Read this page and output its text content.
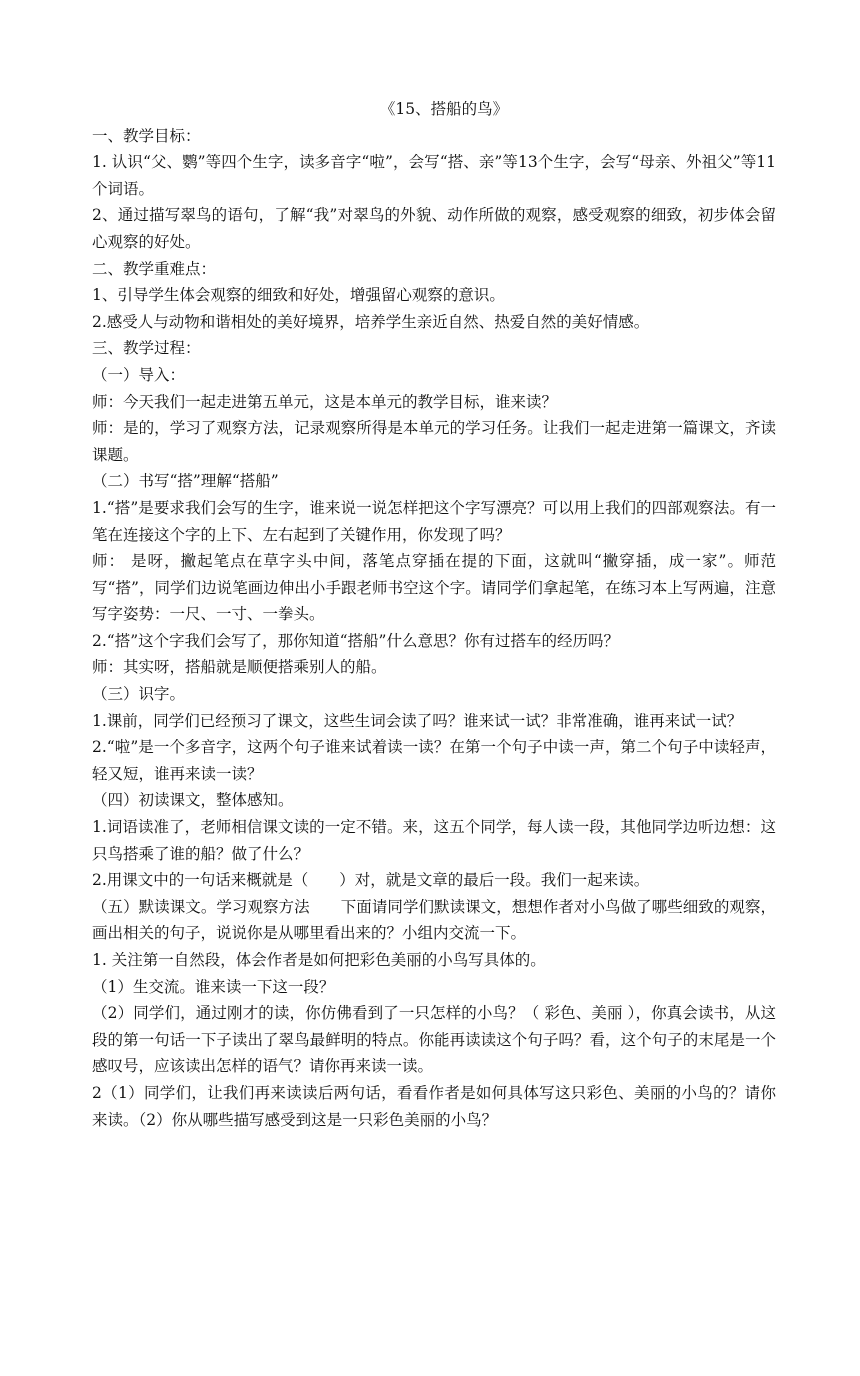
《15、搭船的鸟》

一、教学目标：

1. 认识“父、鹦”等四个生字，读多音字“啦”，会写“搭、亲”等13个生字，会写“母亲、外祖父”等11个词语。

2、通过描写翠鸟的语句，了解“我”对翠鸟的外貌、动作所做的观察，感受观察的细致，初步体会留心观察的好处。

二、教学重难点：

1、引导学生体会观察的细致和好处，增强留心观察的意识。

2.感受人与动物和谐相处的美好境界，培养学生亲近自然、热爱自然的美好情感。

三、教学过程：

（一）导入：

师：今天我们一起走进第五单元，这是本单元的教学目标，谁来读？

师：是的，学习了观察方法，记录观察所得是本单元的学习任务。让我们一起走进第一篇课文，齐读课题。

（二）书写“搭”理解“搭船”

1.“搭”是要求我们会写的生字，谁来说一说怎样把这个字写漂亮？可以用上我们的四部观察法。有一笔在连接这个字的上下、左右起到了关键作用，你发现了吗？

师： 是呀，撇起笔点在草字头中间，落笔点穿插在提的下面，这就叫“撇穿插，成一家”。师范写“搭”，同学们边说笔画边伸出小手跟老师书空这个字。请同学们拿起笔，在练习本上写两遍，注意写字姿势：一尺、一寸、一拳头。

2.“搭”这个字我们会写了，那你知道“搭船”什么意思？你有过搭车的经历吗？

师：其实呀，搭船就是顺便搭乘别人的船。

（三）识字。

1.课前，同学们已经预习了课文，这些生词会读了吗？谁来试一试？非常准确，谁再来试一试？

2.“啦”是一个多音字，这两个句子谁来试着读一读？在第一个句子中读一声，第二个句子中读轻声，轻又短，谁再来读一读？

（四）初读课文，整体感知。

1.词语读准了，老师相信课文读的一定不错。来，这五个同学，每人读一段，其他同学边听边想：这只鸟搭乘了谁的船？做了什么？

2.用课文中的一句话来概就是（　　）对，就是文章的最后一段。我们一起来读。

（五）默读课文。学习观察方法　　下面请同学们默读课文，想想作者对小鸟做了哪些细致的观察，画出相关的句子，说说你是从哪里看出来的？小组内交流一下。

1. 关注第一自然段，体会作者是如何把彩色美丽的小鸟写具体的。

（1）生交流。谁来读一下这一段？

（2）同学们，通过刚才的读，你仿佛看到了一只怎样的小鸟？（ 彩色、美丽 ），你真会读书，从这段的第一句话一下子读出了翠鸟最鲜明的特点。你能再读读这个句子吗？看，这个句子的末尾是一个感叹号，应该读出怎样的语气？请你再来读一读。

2（1）同学们，让我们再来读读后两句话，看看作者是如何具体写这只彩色、美丽的小鸟的？请你来读。（2）你从哪些描写感受到这是一只彩色美丽的小鸟？
